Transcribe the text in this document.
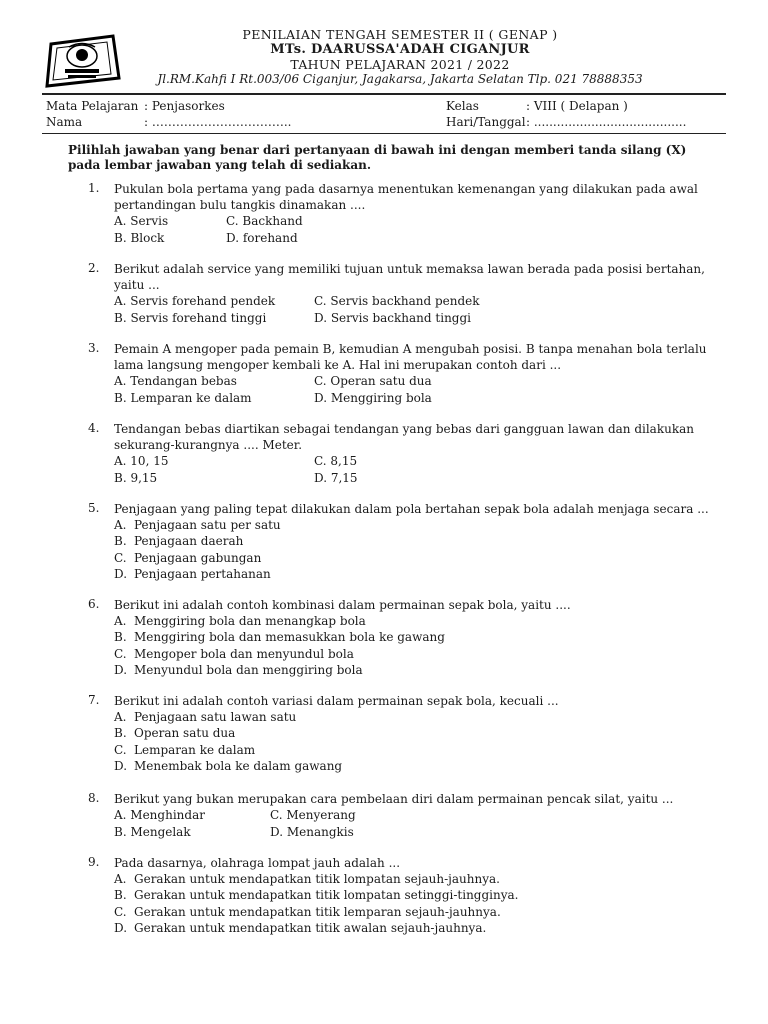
PENILAIAN TENGAH SEMESTER II ( GENAP )
MTs. DAARUSSA'ADAH CIGANJUR
TAHUN PELAJARAN 2021 / 2022
Jl.RM.Kahfi I Rt.003/06 Ciganjur, Jagakarsa, Jakarta Selatan Tlp. 021 78888353
Mata Pelajaran : Penjasorkes	Kelas	: VIII ( Delapan )
Nama	: ……………………………..	Hari/Tanggal : ........................................
Pilihlah jawaban yang benar dari pertanyaan di bawah ini dengan memberi tanda silang (X) pada lembar jawaban yang telah di sediakan.
1. Pukulan bola pertama yang pada dasarnya menentukan kemenangan yang dilakukan pada awal pertandingan bulu tangkis dinamakan ....
A. Servis	C. Backhand
B. Block	D. forehand
2. Berikut adalah service yang memiliki tujuan untuk memaksa lawan berada pada posisi bertahan, yaitu ...
A. Servis forehand pendek	C. Servis backhand pendek
B. Servis forehand tinggi	D. Servis backhand tinggi
3. Pemain A mengoper pada pemain B, kemudian A mengubah posisi. B tanpa menahan bola terlalu lama langsung mengoper kembali ke A. Hal ini merupakan contoh dari ...
A. Tendangan bebas	C. Operan satu dua
B. Lemparan ke dalam	D. Menggiring bola
4. Tendangan bebas diartikan sebagai tendangan yang bebas dari gangguan lawan dan dilakukan sekurang-kurangnya .... Meter.
A. 10, 15	C. 8,15
B. 9,15	D. 7,15
5. Penjagaan yang paling tepat dilakukan dalam pola bertahan sepak bola adalah menjaga secara ...
A. Penjagaan satu per satu
B. Penjagaan daerah
C. Penjagaan gabungan
D. Penjagaan pertahanan
6. Berikut ini adalah contoh kombinasi dalam permainan sepak bola, yaitu ....
A. Menggiring bola dan menangkap bola
B. Menggiring bola dan memasukkan bola ke gawang
C. Mengoper bola dan menyundul bola
D. Menyundul bola dan menggiring bola
7. Berikut ini adalah contoh variasi dalam permainan sepak bola, kecuali ...
A. Penjagaan satu lawan satu
B. Operan satu dua
C. Lemparan ke dalam
D. Menembak bola ke dalam gawang
8. Berikut yang bukan merupakan cara pembelaan diri dalam permainan pencak silat, yaitu ...
A. Menghindar	C. Menyerang
B. Mengelak	D. Menangkis
9. Pada dasarnya, olahraga lompat jauh adalah ...
A. Gerakan untuk mendapatkan titik lompatan sejauh-jauhnya.
B. Gerakan untuk mendapatkan titik lompatan setinggi-tingginya.
C. Gerakan untuk mendapatkan titik lemparan sejauh-jauhnya.
D. Gerakan untuk mendapatkan titik awalan sejauh-jauhnya.
